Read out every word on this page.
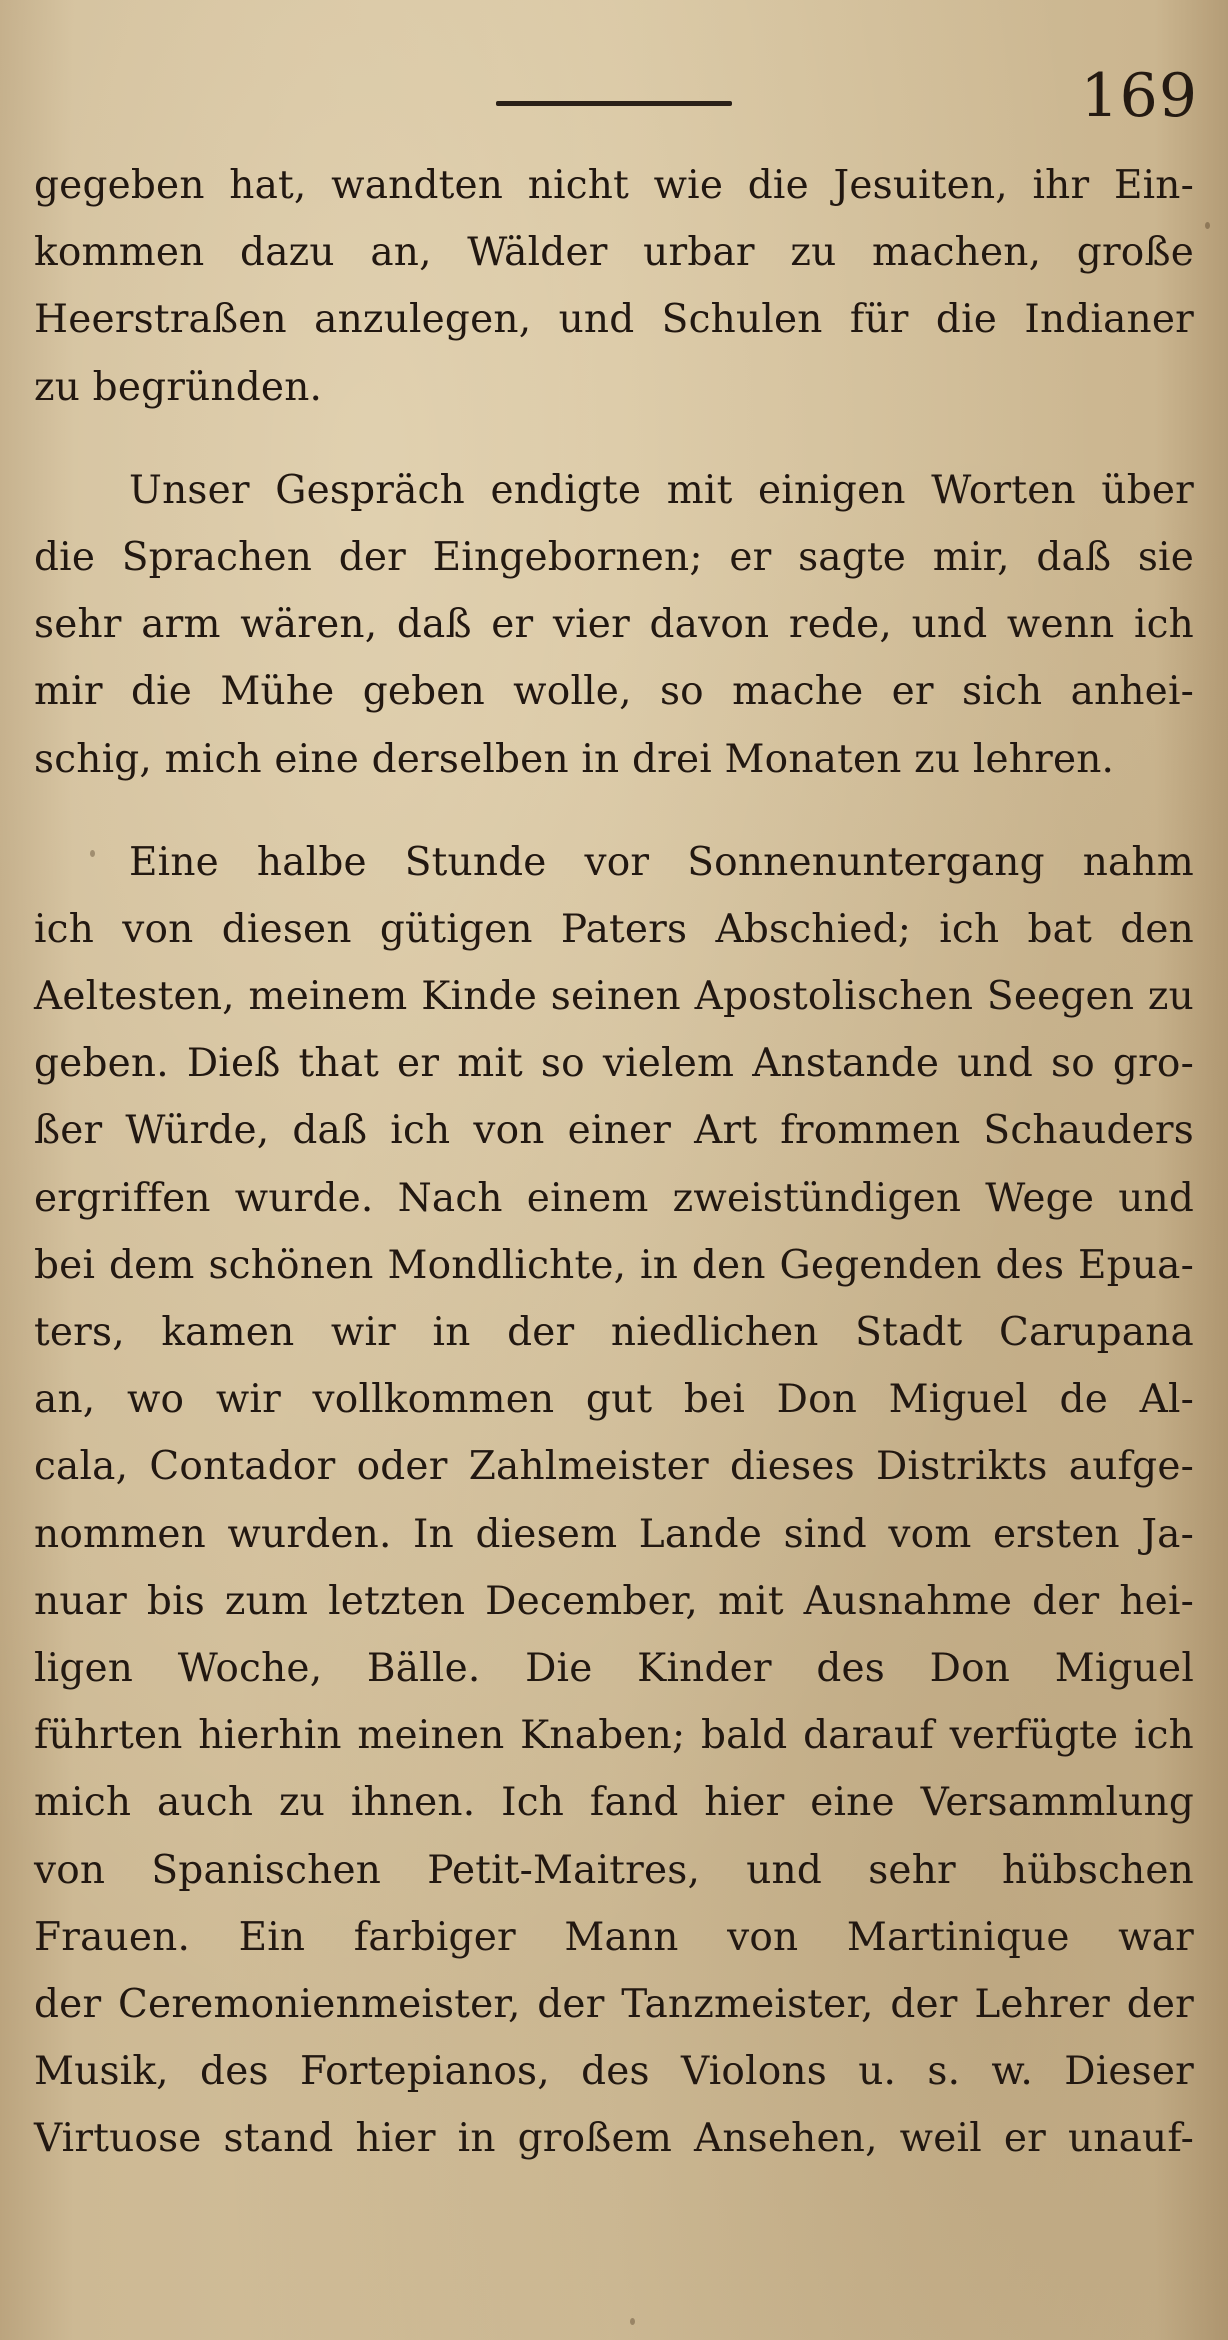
169
gegeben hat, wandten nicht wie die Jesuiten, ihr Ein-
kommen dazu an, Wälder urbar zu machen, große
Heerstraßen anzulegen, und Schulen für die Indianer
zu begründen.
Unser Gespräch endigte mit einigen Worten über
die Sprachen der Eingebornen; er sagte mir, daß sie
sehr arm wären, daß er vier davon rede, und wenn ich
mir die Mühe geben wolle, so mache er sich anhei-
schig, mich eine derselben in drei Monaten zu lehren.
Eine halbe Stunde vor Sonnenuntergang nahm
ich von diesen gütigen Paters Abschied; ich bat den
Aeltesten, meinem Kinde seinen Apostolischen Seegen zu
geben. Dieß that er mit so vielem Anstande und so gro-
ßer Würde, daß ich von einer Art frommen Schauders
ergriffen wurde. Nach einem zweistündigen Wege und
bei dem schönen Mondlichte, in den Gegenden des Epua-
ters, kamen wir in der niedlichen Stadt Carupana
an, wo wir vollkommen gut bei Don Miguel de Al-
cala, Contador oder Zahlmeister dieses Distrikts aufge-
nommen wurden. In diesem Lande sind vom ersten Ja-
nuar bis zum letzten December, mit Ausnahme der hei-
ligen Woche, Bälle. Die Kinder des Don Miguel
führten hierhin meinen Knaben; bald darauf verfügte ich
mich auch zu ihnen. Ich fand hier eine Versammlung
von Spanischen Petit-Maitres, und sehr hübschen
Frauen. Ein farbiger Mann von Martinique war
der Ceremonienmeister, der Tanzmeister, der Lehrer der
Musik, des Fortepianos, des Violons u. s. w. Dieser
Virtuose stand hier in großem Ansehen, weil er unauf-
